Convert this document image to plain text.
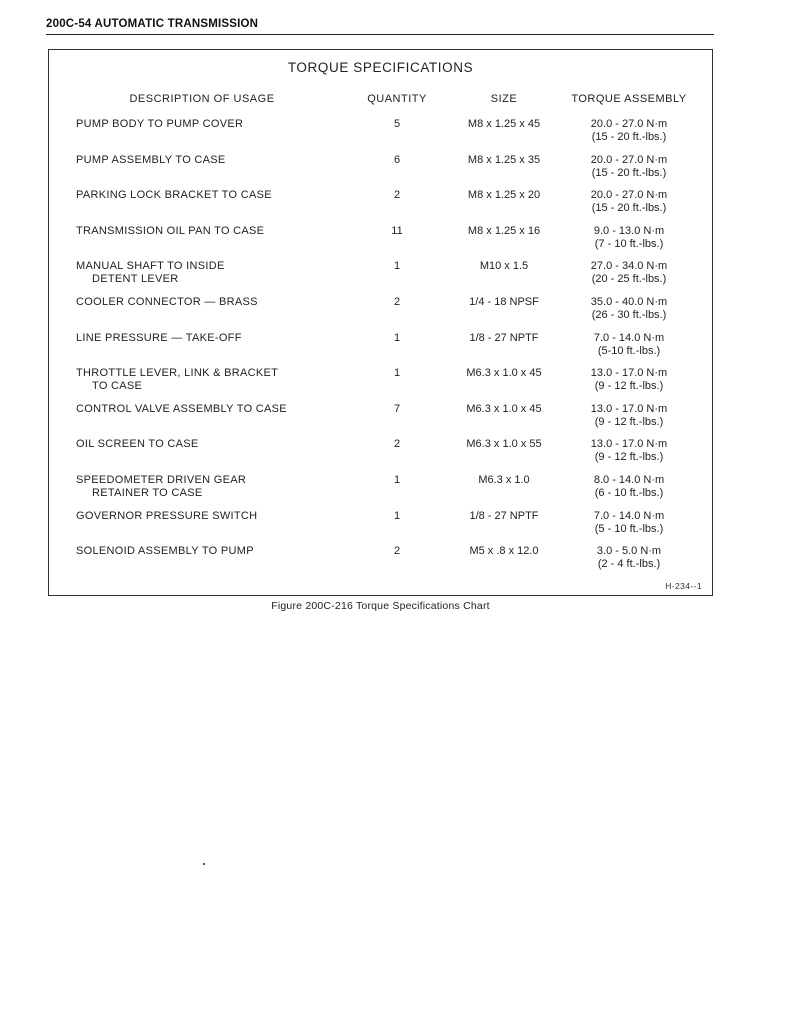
200C-54 AUTOMATIC TRANSMISSION
TORQUE SPECIFICATIONS
DESCRIPTION OF USAGE	QUANTITY	SIZE	TORQUE ASSEMBLY
PUMP BODY TO PUMP COVER	5	M8 x 1.25 x 45	20.0 - 27.0 N·m
(15 - 20 ft.-lbs.)
PUMP ASSEMBLY TO CASE	6	M8 x 1.25 x 35	20.0 - 27.0 N·m
(15 - 20 ft.-lbs.)
PARKING LOCK BRACKET TO CASE	2	M8 x 1.25 x 20	20.0 - 27.0 N·m
(15 - 20 ft.-lbs.)
TRANSMISSION OIL PAN TO CASE	11	M8 x 1.25 x 16	9.0 - 13.0 N·m
(7 - 10 ft.-lbs.)
MANUAL SHAFT TO INSIDE
DETENT LEVER
1	M10 x 1.5	27.0 - 34.0 N·m
(20 - 25 ft.-lbs.)
COOLER CONNECTOR — BRASS	2	1/4 - 18 NPSF	35.0 - 40.0 N·m
(26 - 30 ft.-lbs.)
LINE PRESSURE — TAKE-OFF	1	1/8 - 27 NPTF	7.0 - 14.0 N·m
(5-10 ft.-lbs.)
THROTTLE LEVER, LINK & BRACKET
TO CASE
1	M6.3 x 1.0 x 45	13.0 - 17.0 N·m
(9 - 12 ft.-lbs.)
CONTROL VALVE ASSEMBLY TO CASE	7	M6.3 x 1.0 x 45	13.0 - 17.0 N·m
(9 - 12 ft.-lbs.)
OIL SCREEN TO CASE	2	M6.3 x 1.0 x 55	13.0 - 17.0 N·m
(9 - 12 ft.-lbs.)
SPEEDOMETER DRIVEN GEAR
RETAINER TO CASE
1	M6.3 x 1.0	8.0 - 14.0 N·m
(6 - 10 ft.-lbs.)
GOVERNOR PRESSURE SWITCH	1	1/8 - 27 NPTF	7.0 - 14.0 N·m
(5 - 10 ft.-lbs.)
SOLENOID ASSEMBLY TO PUMP	2	M5 x .8 x 12.0	3.0 - 5.0 N·m
(2 - 4 ft.-lbs.)
H-234--1
Figure 200C-216 Torque Specifications Chart
